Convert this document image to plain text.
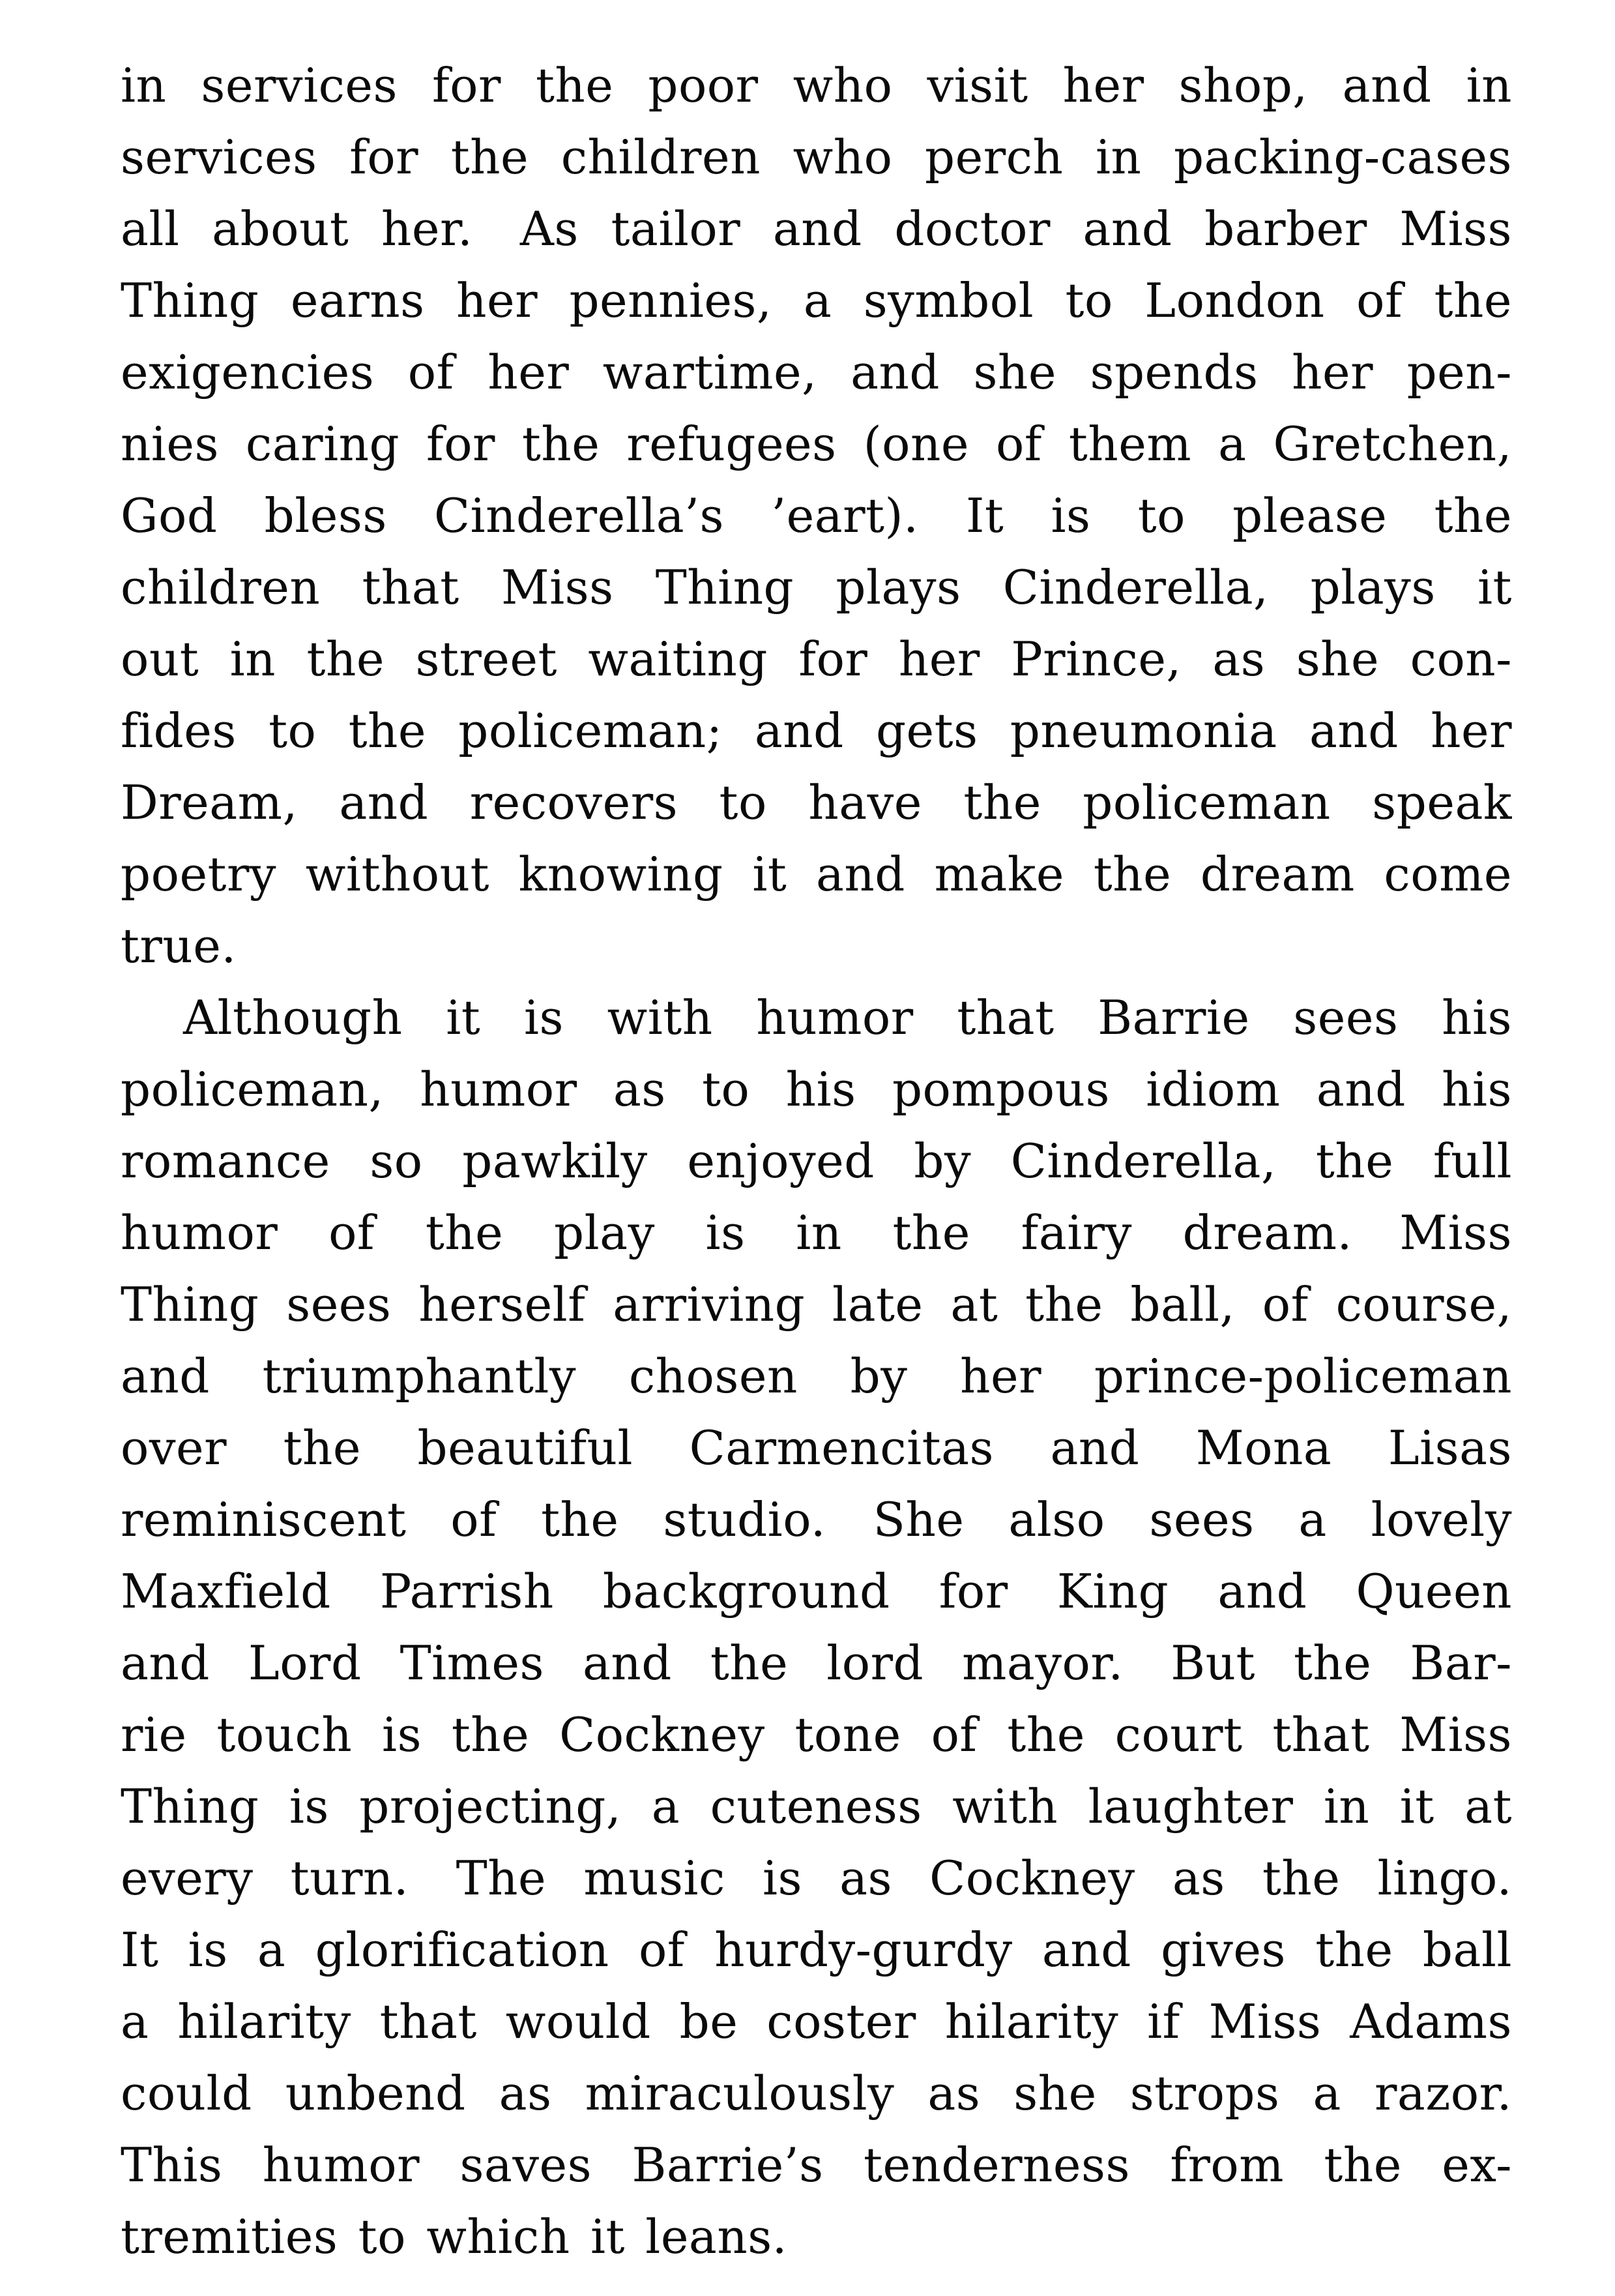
in services for the poor who visit her shop, and in
services for the children who perch in packing-cases
all about her. As tailor and doctor and barber Miss
Thing earns her pennies, a symbol to London of the
exigencies of her wartime, and she spends her pen-
nies caring for the refugees (one of them a Gretchen,
God bless Cinderella’s ’eart). It is to please the
children that Miss Thing plays Cinderella, plays it
out in the street waiting for her Prince, as she con-
fides to the policeman; and gets pneumonia and her
Dream, and recovers to have the policeman speak
poetry without knowing it and make the dream come
true.
Although it is with humor that Barrie sees his
policeman, humor as to his pompous idiom and his
romance so pawkily enjoyed by Cinderella, the full
humor of the play is in the fairy dream. Miss
Thing sees herself arriving late at the ball, of course,
and triumphantly chosen by her prince-policeman
over the beautiful Carmencitas and Mona Lisas
reminiscent of the studio. She also sees a lovely
Maxfield Parrish background for King and Queen
and Lord Times and the lord mayor. But the Bar-
rie touch is the Cockney tone of the court that Miss
Thing is projecting, a cuteness with laughter in it at
every turn. The music is as Cockney as the lingo.
It is a glorification of hurdy-gurdy and gives the ball
a hilarity that would be coster hilarity if Miss Adams
could unbend as miraculously as she strops a razor.
This humor saves Barrie’s tenderness from the ex-
tremities to which it leans.
